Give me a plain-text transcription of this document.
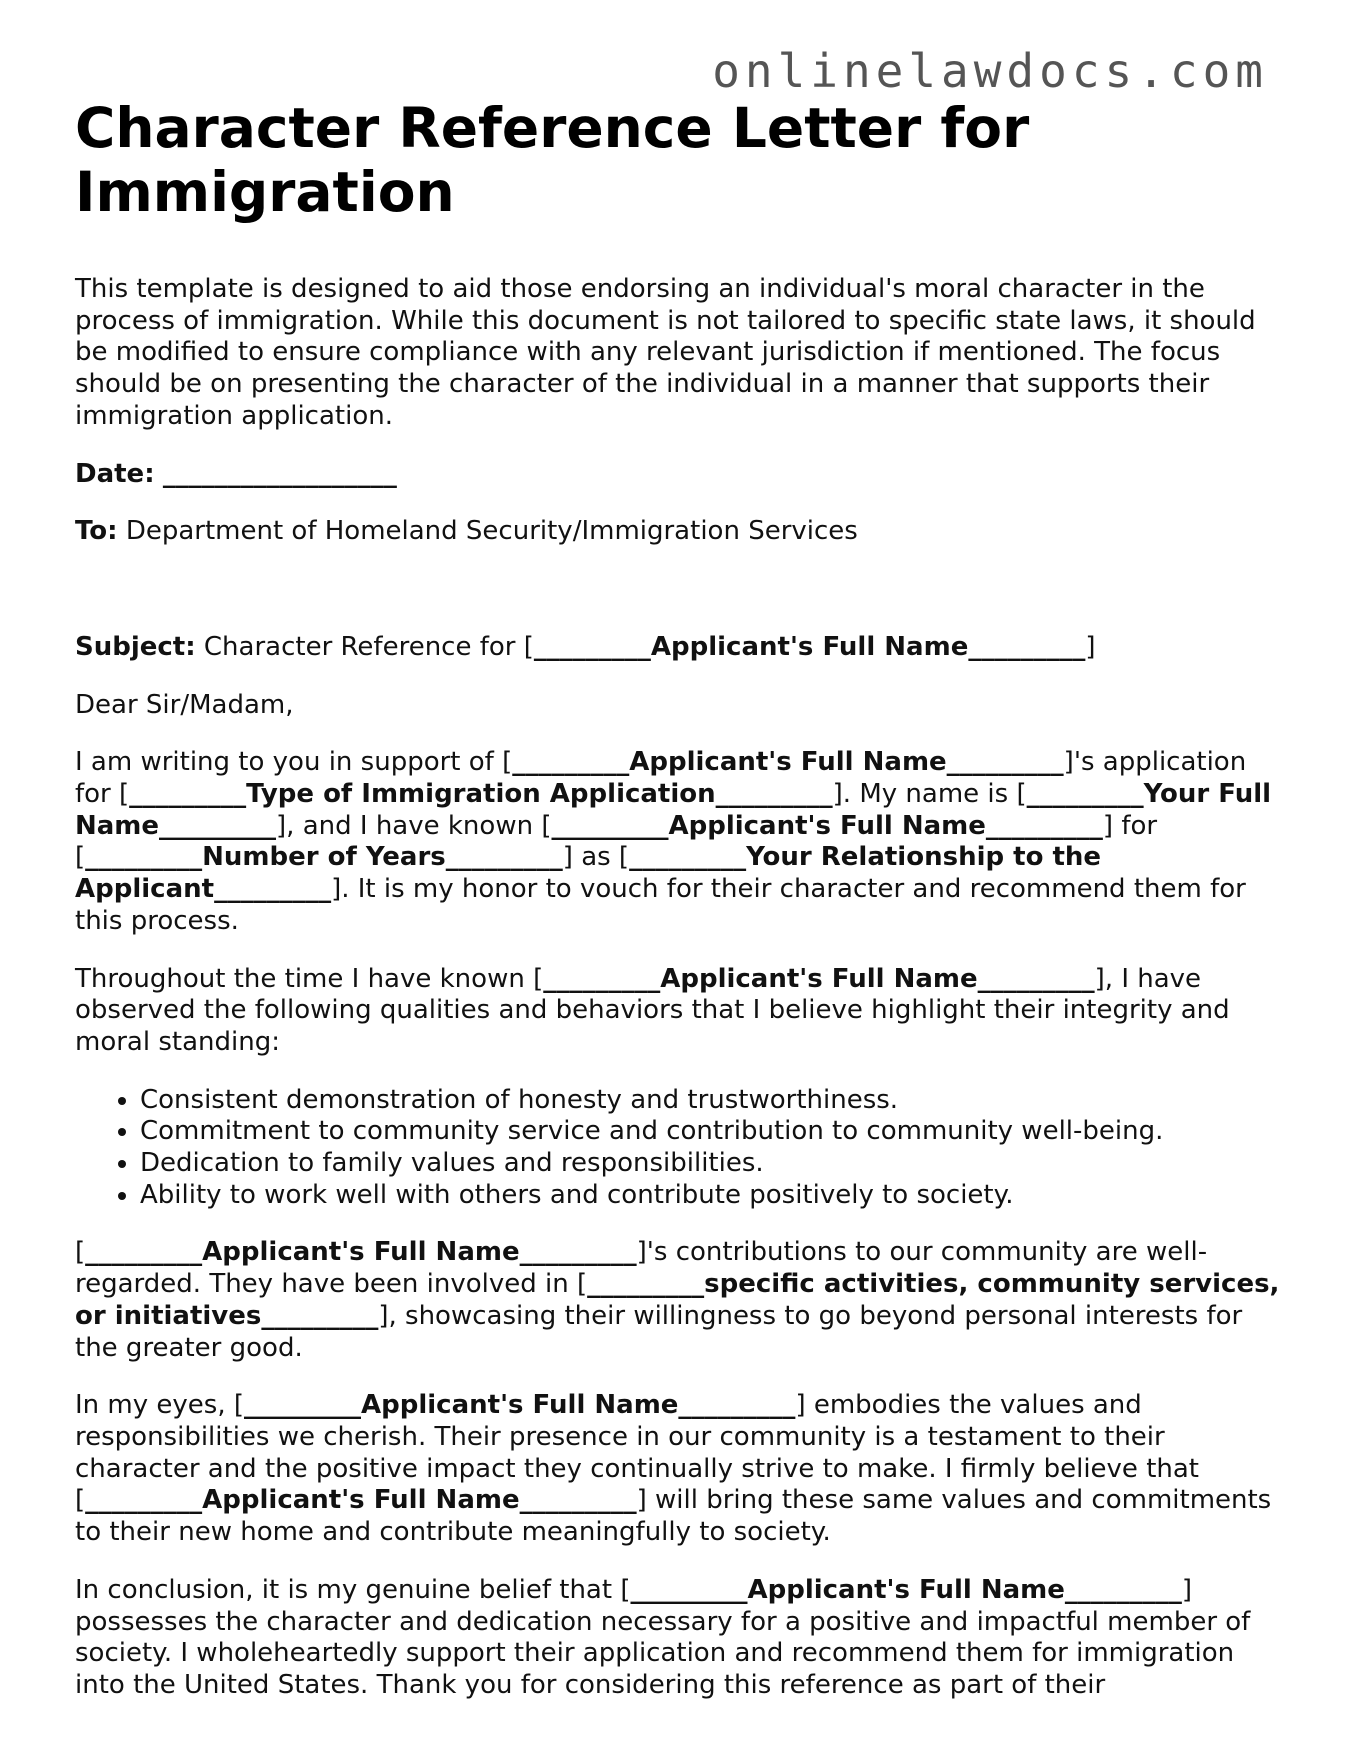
onlinelawdocs.com
Character Reference Letter for Immigration

This template is designed to aid those endorsing an individual's moral character in the process of immigration. While this document is not tailored to specific state laws, it should be modified to ensure compliance with any relevant jurisdiction if mentioned. The focus should be on presenting the character of the individual in a manner that supports their immigration application.

Date: __________________

To: Department of Homeland Security/Immigration Services

Subject: Character Reference for [_________Applicant's Full Name_________]

Dear Sir/Madam,

I am writing to you in support of [_________Applicant's Full Name_________]'s application for [_________Type of Immigration Application_________]. My name is [_________Your Full Name_________], and I have known [_________Applicant's Full Name_________] for [_________Number of Years_________] as [_________Your Relationship to the Applicant_________]. It is my honor to vouch for their character and recommend them for this process.

Throughout the time I have known [_________Applicant's Full Name_________], I have observed the following qualities and behaviors that I believe highlight their integrity and moral standing:

• Consistent demonstration of honesty and trustworthiness.
• Commitment to community service and contribution to community well-being.
• Dedication to family values and responsibilities.
• Ability to work well with others and contribute positively to society.

[_________Applicant's Full Name_________]'s contributions to our community are well-regarded. They have been involved in [_________specific activities, community services, or initiatives_________], showcasing their willingness to go beyond personal interests for the greater good.

In my eyes, [_________Applicant's Full Name_________] embodies the values and responsibilities we cherish. Their presence in our community is a testament to their character and the positive impact they continually strive to make. I firmly believe that [_________Applicant's Full Name_________] will bring these same values and commitments to their new home and contribute meaningfully to society.

In conclusion, it is my genuine belief that [_________Applicant's Full Name_________] possesses the character and dedication necessary for a positive and impactful member of society. I wholeheartedly support their application and recommend them for immigration into the United States. Thank you for considering this reference as part of their
